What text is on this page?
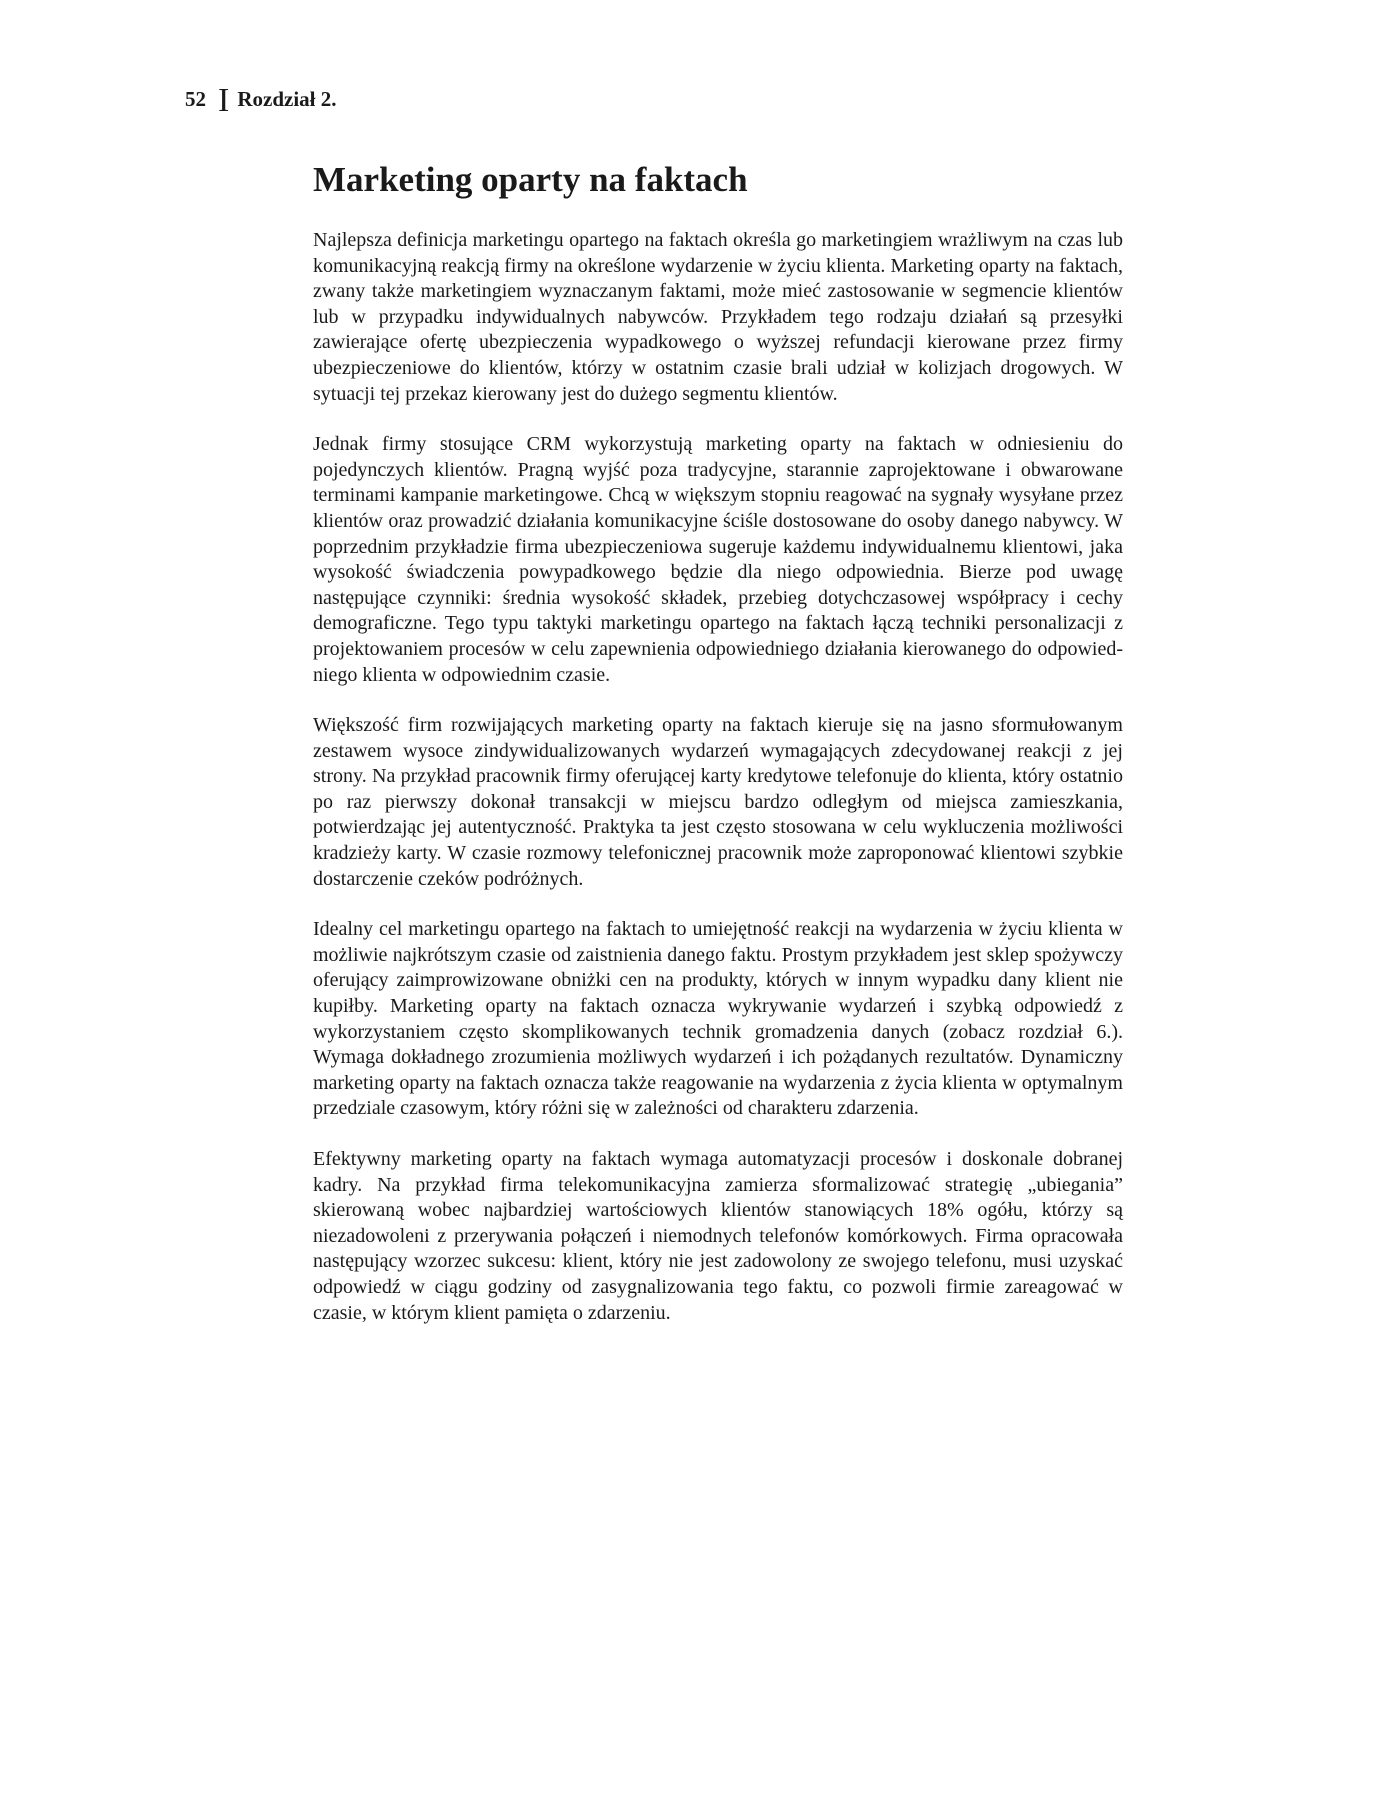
52 I Rozdział 2.
Marketing oparty na faktach

Najlepsza definicja marketingu opartego na faktach określa go marketingiem wrażliwym na czas lub komunikacyjną reakcją firmy na określone wydarzenie w życiu klienta. Marketing oparty na faktach, zwany także marketingiem wyznaczanym faktami, może mieć zastosowanie w segmencie klientów lub w przypadku indywidualnych nabywców. Przykładem tego rodzaju działań są przesyłki zawierające ofertę ubezpieczenia wypadkowego o wyższej refundacji kierowane przez firmy ubezpieczeniowe do klientów, którzy w ostatnim czasie brali udział w kolizjach drogowych. W sytuacji tej przekaz kierowany jest do dużego segmentu klientów.

Jednak firmy stosujące CRM wykorzystują marketing oparty na faktach w odniesieniu do pojedynczych klientów. Pragną wyjść poza tradycyjne, starannie zaprojektowane i obwarowane terminami kampanie marketingowe. Chcą w większym stopniu reagować na sygnały wysyłane przez klientów oraz prowadzić działania komunikacyjne ściśle dostosowane do osoby danego nabywcy. W poprzednim przykładzie firma ubezpieczeniowa sugeruje każdemu indywidualnemu klientowi, jaka wysokość świadczenia powypadkowego będzie dla niego odpowiednia. Bierze pod uwagę następujące czynniki: średnia wysokość składek, przebieg dotychczasowej współpracy i cechy demograficzne. Tego typu taktyki marketingu opartego na faktach łączą techniki personalizacji z projektowaniem procesów w celu zapewnienia odpowiedniego działania kierowanego do odpowiedniego klienta w odpowiednim czasie.

Większość firm rozwijających marketing oparty na faktach kieruje się na jasno sformułowanym zestawem wysoce zindywidualizowanych wydarzeń wymagających zdecydowanej reakcji z jej strony. Na przykład pracownik firmy oferującej karty kredytowe telefonuje do klienta, który ostatnio po raz pierwszy dokonał transakcji w miejscu bardzo odległym od miejsca zamieszkania, potwierdzając jej autentyczność. Praktyka ta jest często stosowana w celu wykluczenia możliwości kradzieży karty. W czasie rozmowy telefonicznej pracownik może zaproponować klientowi szybkie dostarczenie czeków podróżnych.

Idealny cel marketingu opartego na faktach to umiejętność reakcji na wydarzenia w życiu klienta w możliwie najkrótszym czasie od zaistnienia danego faktu. Prostym przykładem jest sklep spożywczy oferujący zaimprowizowane obniżki cen na produkty, których w innym wypadku dany klient nie kupiłby. Marketing oparty na faktach oznacza wykrywanie wydarzeń i szybką odpowiedź z wykorzystaniem często skomplikowanych technik gromadzenia danych (zobacz rozdział 6.). Wymaga dokładnego zrozumienia możliwych wydarzeń i ich pożądanych rezultatów. Dynamiczny marketing oparty na faktach oznacza także reagowanie na wydarzenia z życia klienta w optymalnym przedziale czasowym, który różni się w zależności od charakteru zdarzenia.

Efektywny marketing oparty na faktach wymaga automatyzacji procesów i doskonale dobranej kadry. Na przykład firma telekomunikacyjna zamierza sformalizować strategię „ubiegania” skierowaną wobec najbardziej wartościowych klientów stanowiących 18% ogółu, którzy są niezadowoleni z przerywania połączeń i niemodnych telefonów komórkowych. Firma opracowała następujący wzorzec sukcesu: klient, który nie jest zadowolony ze swojego telefonu, musi uzyskać odpowiedź w ciągu godziny od zasygnalizowania tego faktu, co pozwoli firmie zareagować w czasie, w którym klient pamięta o zdarzeniu.
